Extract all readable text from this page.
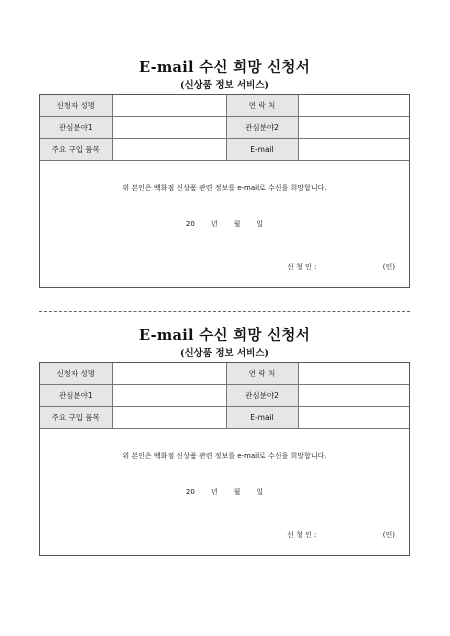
E-mail 수신 희망 신청서
(신상품 정보 서비스)
신청자 성명		연 락 처	
관심분야1		관심분야2	
주요 구입 품목		E-mail	
위 본인은 백화점 신상품 관련 정보를 e-mail로 수신을 희망합니다.
20 년 월 일
신 청 인 :	(인)
E-mail 수신 희망 신청서
(신상품 정보 서비스)
신청자 성명		연 락 처	
관심분야1		관심분야2	
주요 구입 품목		E-mail	
위 본인은 백화점 신상품 관련 정보를 e-mail로 수신을 희망합니다.
20 년 월 일
신 청 인 :	(인)
